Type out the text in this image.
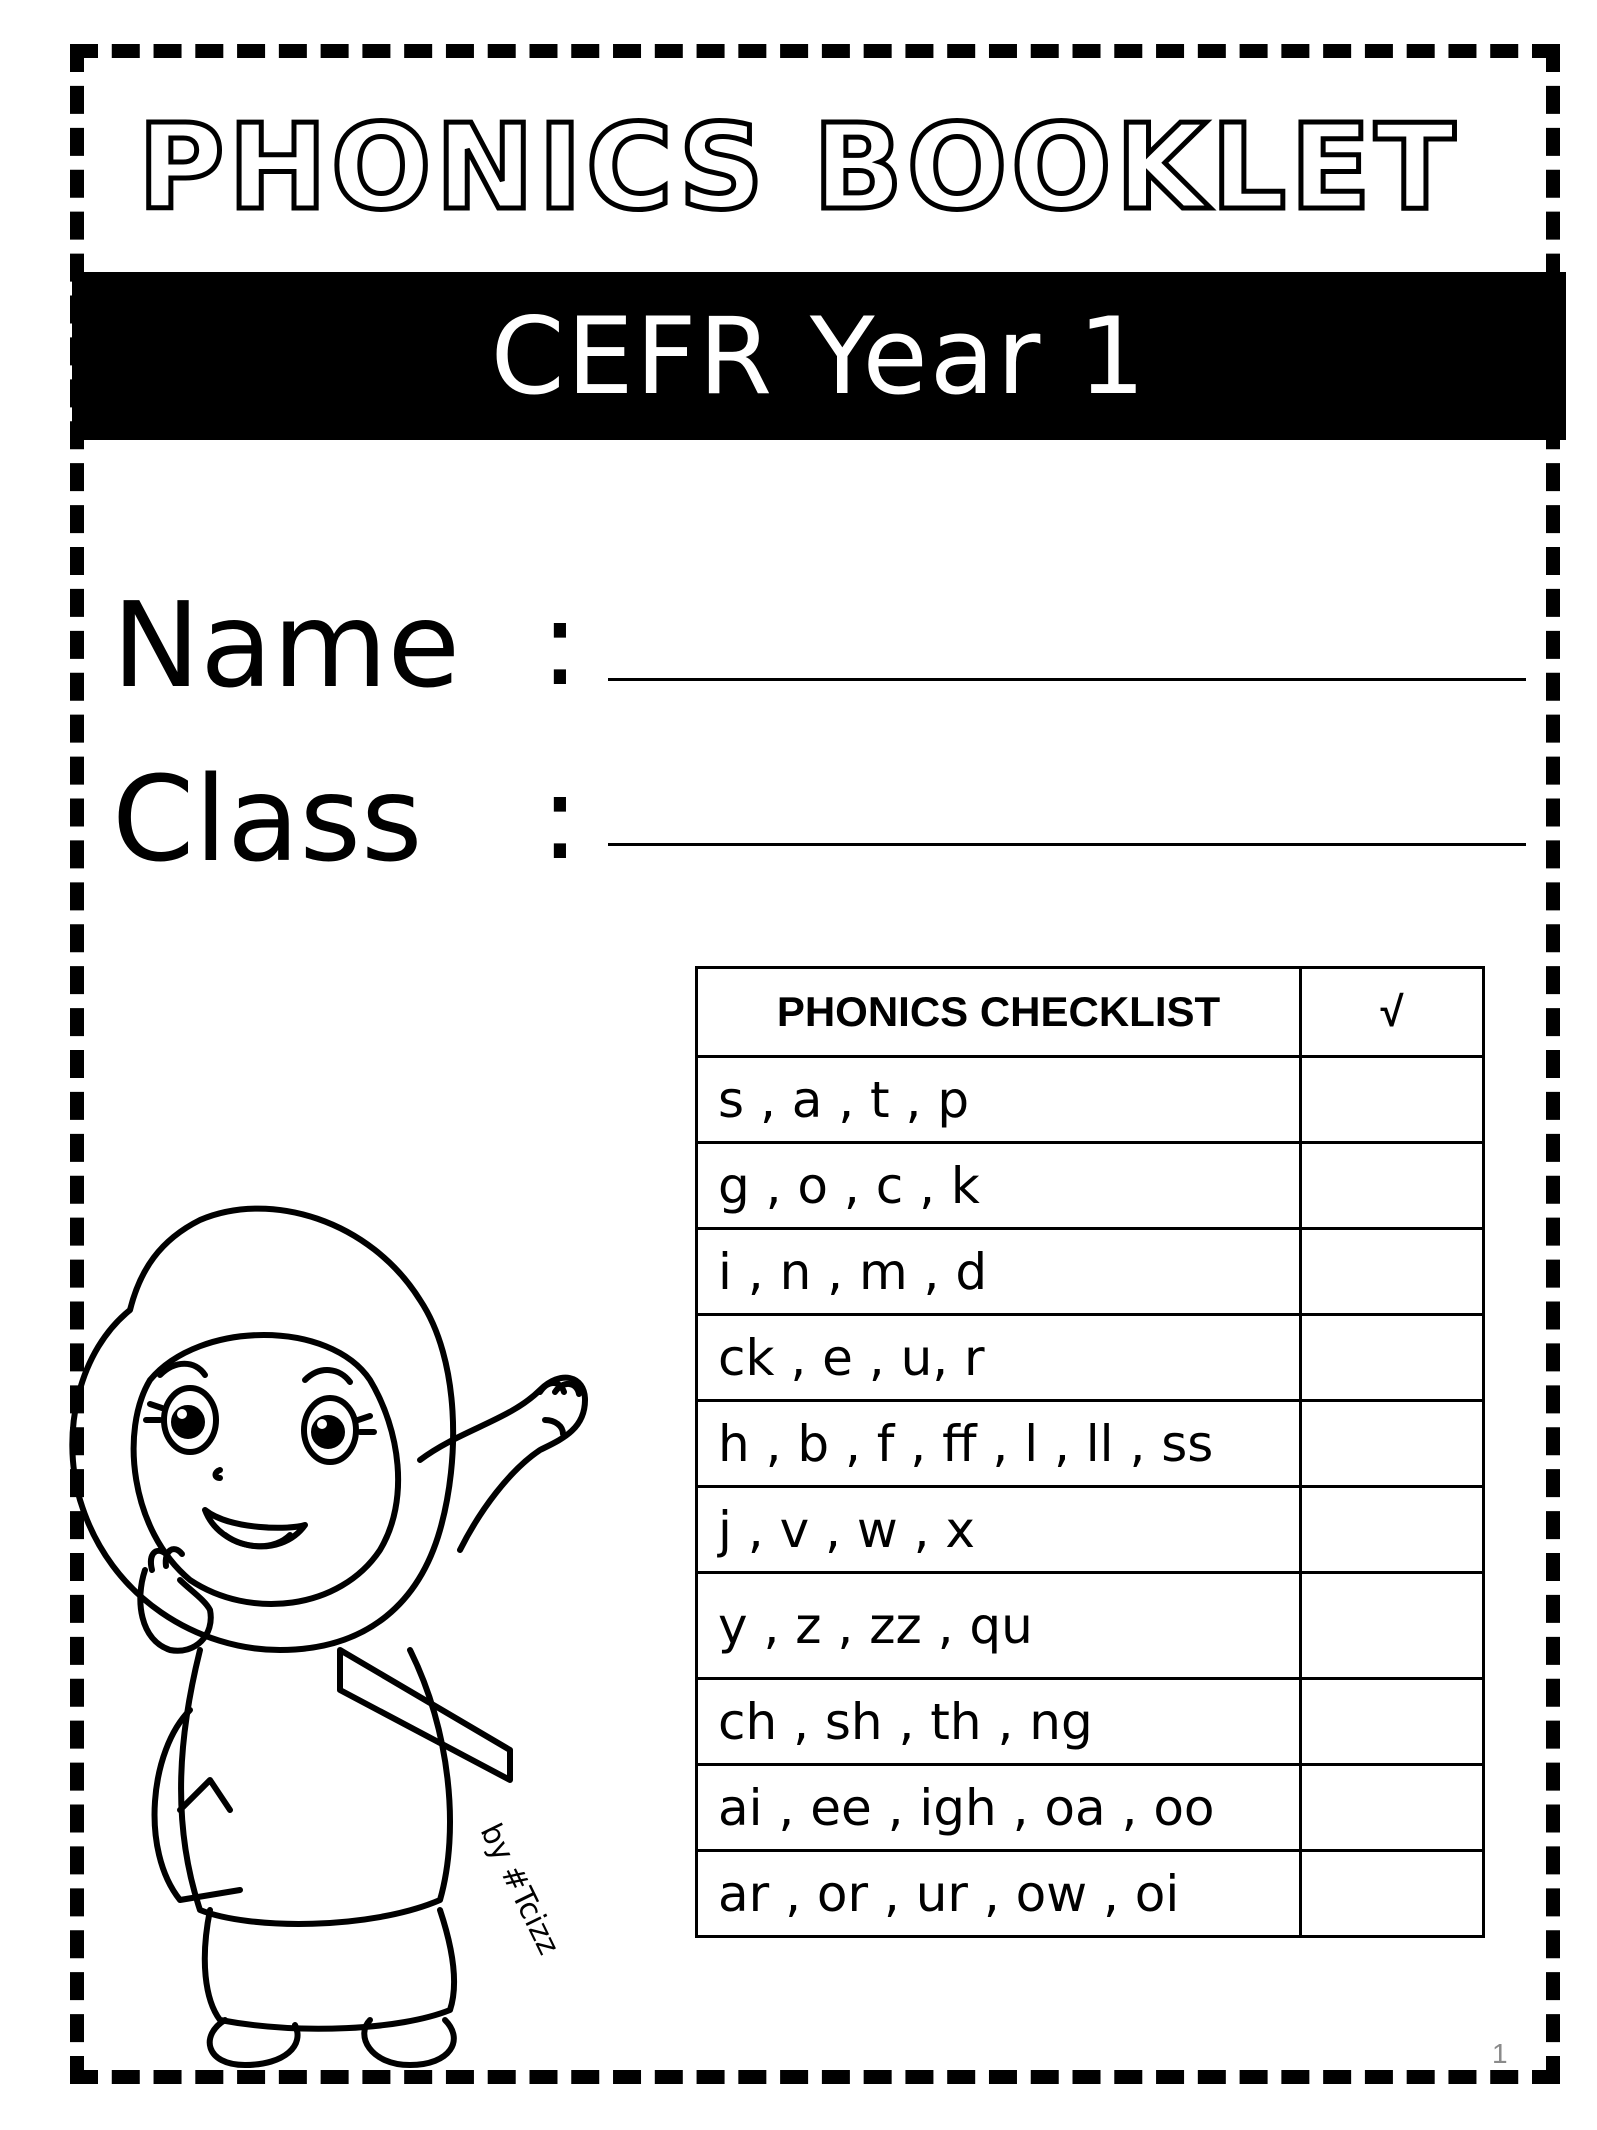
PHONICS BOOKLET
CEFR Year 1
Name :
Class :
PHONICS CHECKLIST	√
s , a , t , p	
g , o , c , k	
i , n , m , d	
ck , e , u, r	
h , b , f , ff , l , ll , ss	
j , v , w , x	
y , z , zz , qu	
ch , sh , th , ng	
ai , ee , igh , oa , oo	
ar , or , ur , ow , oi	
by #Tcizz
1
